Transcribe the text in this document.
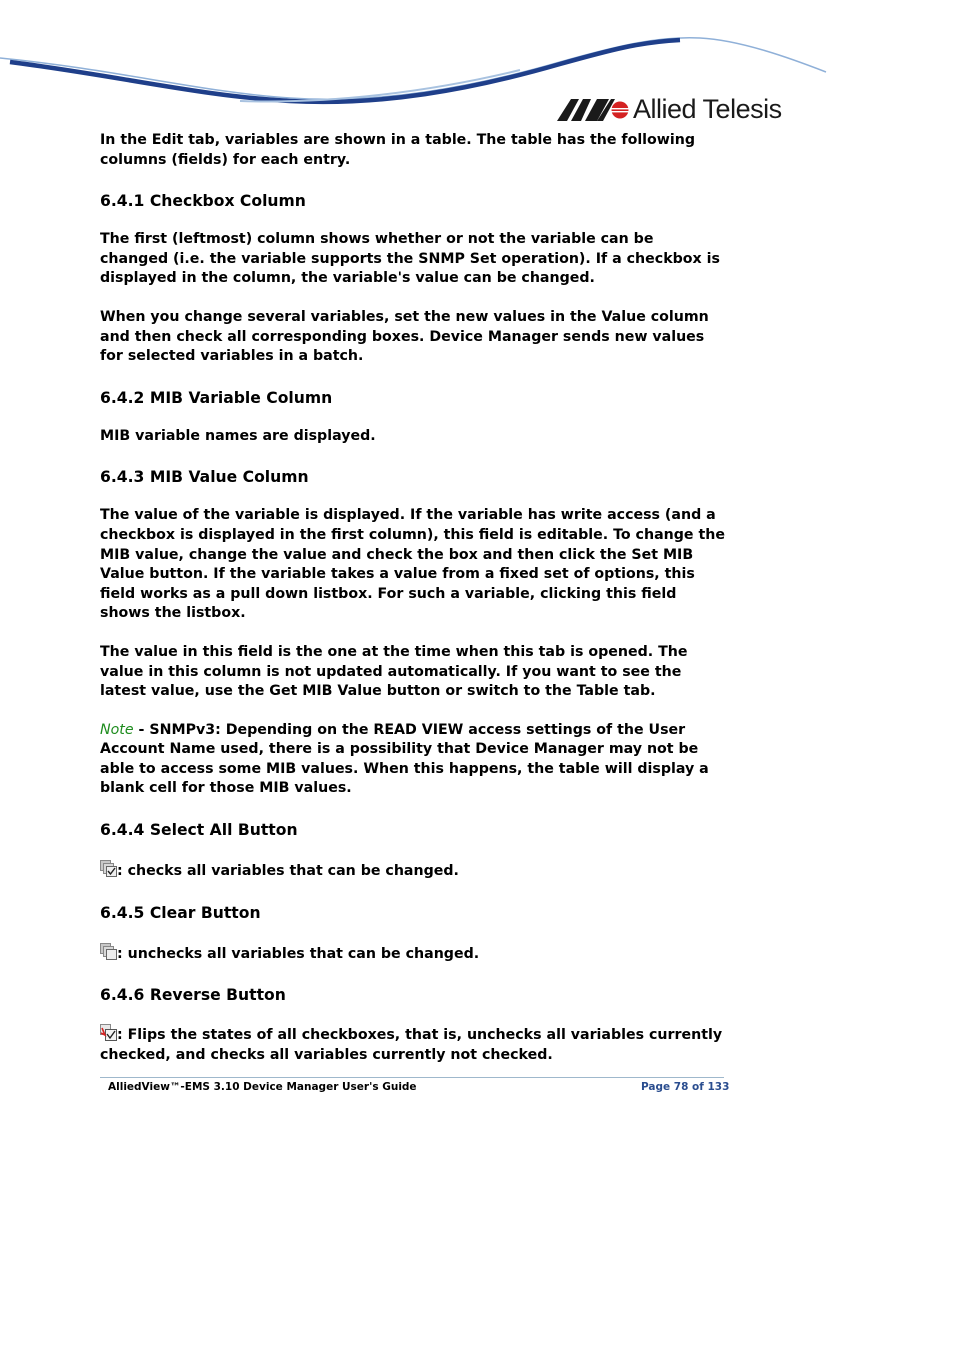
Allied Telesis

In the Edit tab, variables are shown in a table. The table has the following columns (fields) for each entry.

6.4.1 Checkbox Column

The first (leftmost) column shows whether or not the variable can be changed (i.e. the variable supports the SNMP Set operation). If a checkbox is displayed in the column, the variable's value can be changed.

When you change several variables, set the new values in the Value column and then check all corresponding boxes. Device Manager sends new values for selected variables in a batch.

6.4.2 MIB Variable Column

MIB variable names are displayed.

6.4.3 MIB Value Column

The value of the variable is displayed. If the variable has write access (and a checkbox is displayed in the first column), this field is editable. To change the MIB value, change the value and check the box and then click the Set MIB Value button. If the variable takes a value from a fixed set of options, this field works as a pull down listbox. For such a variable, clicking this field shows the listbox.

The value in this field is the one at the time when this tab is opened. The value in this column is not updated automatically. If you want to see the latest value, use the Get MIB Value button or switch to the Table tab.

Note - SNMPv3: Depending on the READ VIEW access settings of the User Account Name used, there is a possibility that Device Manager may not be able to access some MIB values. When this happens, the table will display a blank cell for those MIB values.

6.4.4 Select All Button

: checks all variables that can be changed.

6.4.5 Clear Button

: unchecks all variables that can be changed.

6.4.6 Reverse Button

: Flips the states of all checkboxes, that is, unchecks all variables currently checked, and checks all variables currently not checked.

AlliedView™-EMS 3.10 Device Manager User's Guide	Page 78 of 133
